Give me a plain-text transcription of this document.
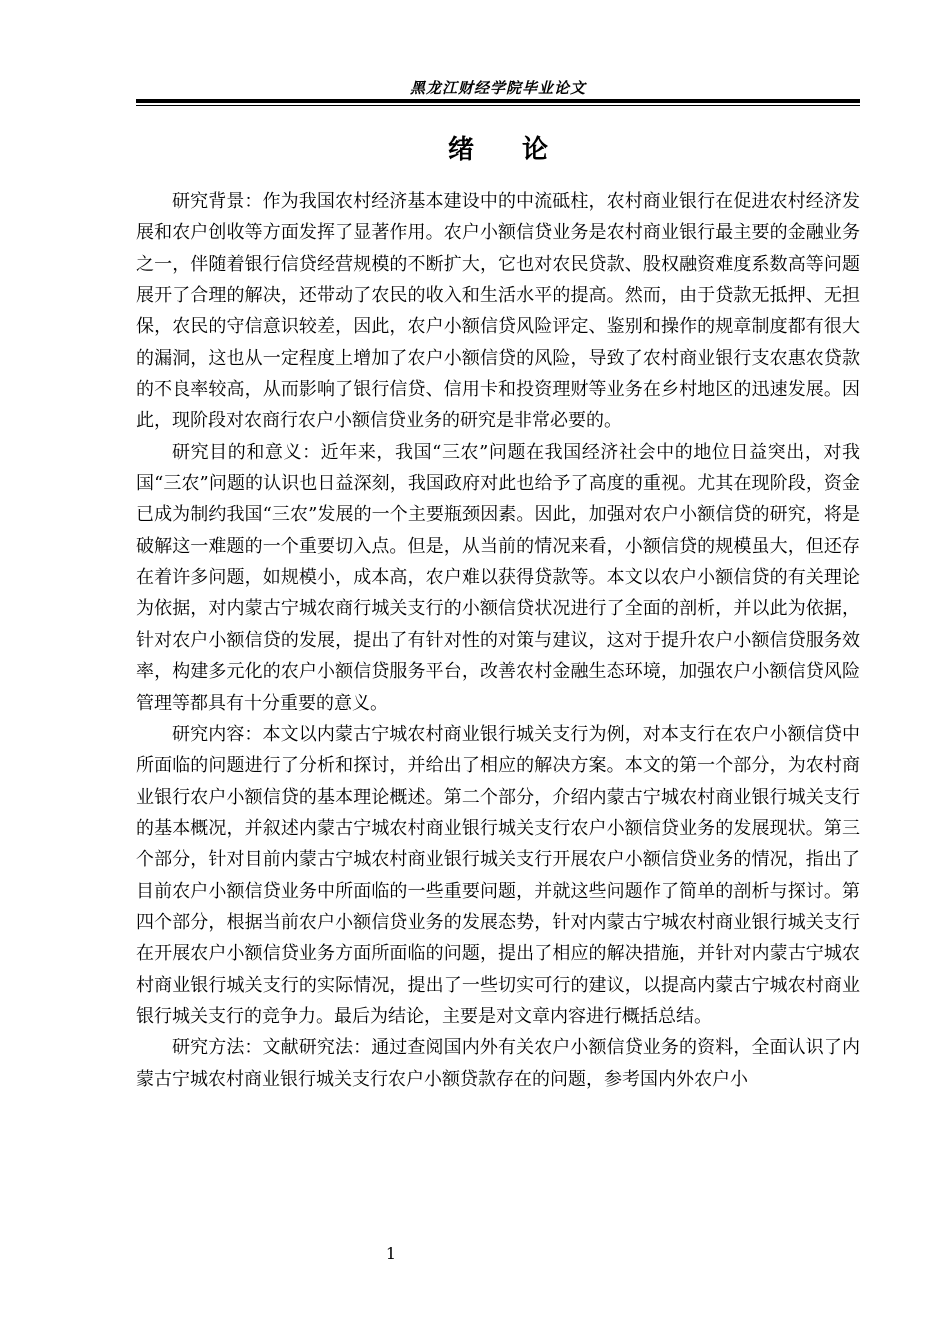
黑龙江财经学院毕业论文
绪论

研究背景：作为我国农村经济基本建设中的中流砥柱，农村商业银行在促进农村经济发展和农户创收等方面发挥了显著作用。农户小额信贷业务是农村商业银行最主要的金融业务之一，伴随着银行信贷经营规模的不断扩大，它也对农民贷款、股权融资难度系数高等问题展开了合理的解决，还带动了农民的收入和生活水平的提高。然而，由于贷款无抵押、无担保，农民的守信意识较差，因此，农户小额信贷风险评定、鉴别和操作的规章制度都有很大的漏洞，这也从一定程度上增加了农户小额信贷的风险，导致了农村商业银行支农惠农贷款的不良率较高，从而影响了银行信贷、信用卡和投资理财等业务在乡村地区的迅速发展。因此，现阶段对农商行农户小额信贷业务的研究是非常必要的。

研究目的和意义：近年来，我国“三农”问题在我国经济社会中的地位日益突出，对我国“三农”问题的认识也日益深刻，我国政府对此也给予了高度的重视。尤其在现阶段，资金已成为制约我国“三农”发展的一个主要瓶颈因素。因此，加强对农户小额信贷的研究，将是破解这一难题的一个重要切入点。但是，从当前的情况来看，小额信贷的规模虽大，但还存在着许多问题，如规模小，成本高，农户难以获得贷款等。本文以农户小额信贷的有关理论为依据，对内蒙古宁城农商行城关支行的小额信贷状况进行了全面的剖析，并以此为依据，针对农户小额信贷的发展，提出了有针对性的对策与建议，这对于提升农户小额信贷服务效率，构建多元化的农户小额信贷服务平台，改善农村金融生态环境，加强农户小额信贷风险管理等都具有十分重要的意义。

研究内容：本文以内蒙古宁城农村商业银行城关支行为例，对本支行在农户小额信贷中所面临的问题进行了分析和探讨，并给出了相应的解决方案。本文的第一个部分，为农村商业银行农户小额信贷的基本理论概述。第二个部分，介绍内蒙古宁城农村商业银行城关支行的基本概况，并叙述内蒙古宁城农村商业银行城关支行农户小额信贷业务的发展现状。第三个部分，针对目前内蒙古宁城农村商业银行城关支行开展农户小额信贷业务的情况，指出了目前农户小额信贷业务中所面临的一些重要问题，并就这些问题作了简单的剖析与探讨。第四个部分，根据当前农户小额信贷业务的发展态势，针对内蒙古宁城农村商业银行城关支行在开展农户小额信贷业务方面所面临的问题，提出了相应的解决措施，并针对内蒙古宁城农村商业银行城关支行的实际情况，提出了一些切实可行的建议，以提高内蒙古宁城农村商业银行城关支行的竞争力。最后为结论，主要是对文章内容进行概括总结。

研究方法：文献研究法：通过查阅国内外有关农户小额信贷业务的资料，全面认识了内蒙古宁城农村商业银行城关支行农户小额贷款存在的问题，参考国内外农户小

1
